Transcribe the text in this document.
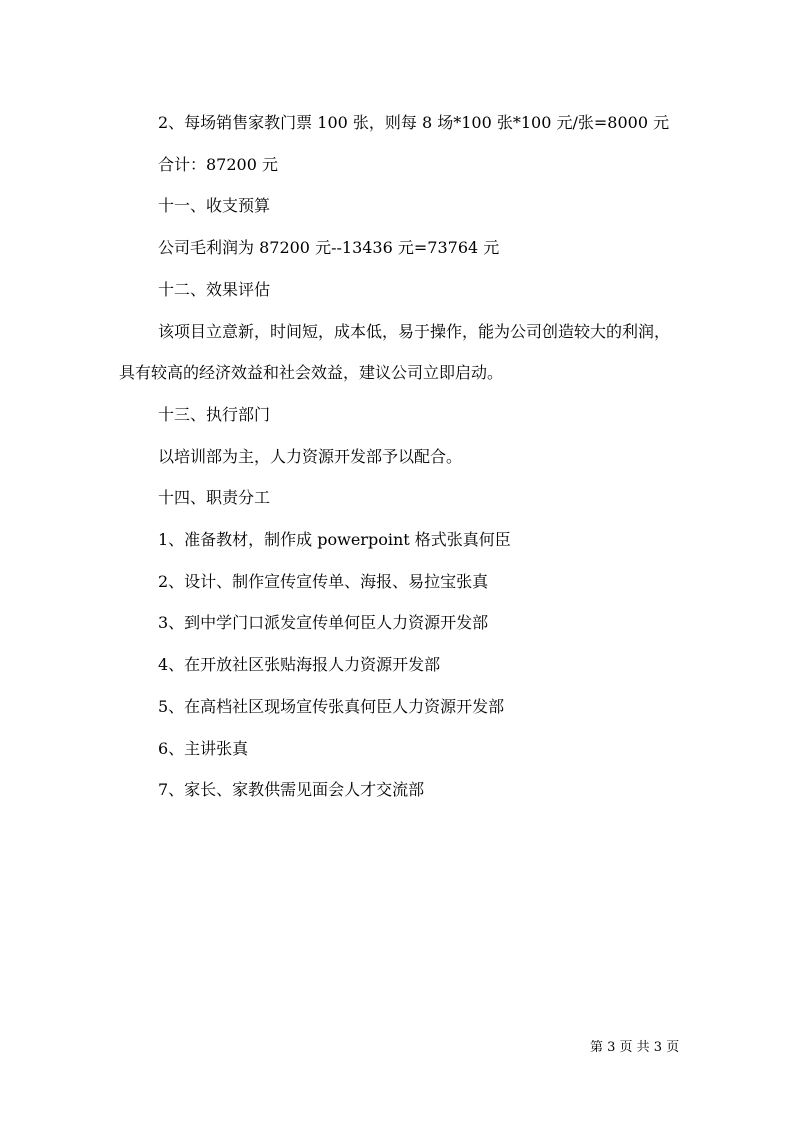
2、每场销售家教门票 100 张，则每 8 场*100 张*100 元/张=8000 元

合计：87200 元

十一、收支预算

公司毛利润为 87200 元--13436 元=73764 元

十二、效果评估

该项目立意新，时间短，成本低，易于操作，能为公司创造较大的利润，具有较高的经济效益和社会效益，建议公司立即启动。

十三、执行部门

以培训部为主，人力资源开发部予以配合。

十四、职责分工

1、准备教材，制作成 powerpoint 格式张真何臣

2、设计、制作宣传宣传单、海报、易拉宝张真

3、到中学门口派发宣传单何臣人力资源开发部

4、在开放社区张贴海报人力资源开发部

5、在高档社区现场宣传张真何臣人力资源开发部

6、主讲张真

7、家长、家教供需见面会人才交流部

第 3 页 共 3 页
